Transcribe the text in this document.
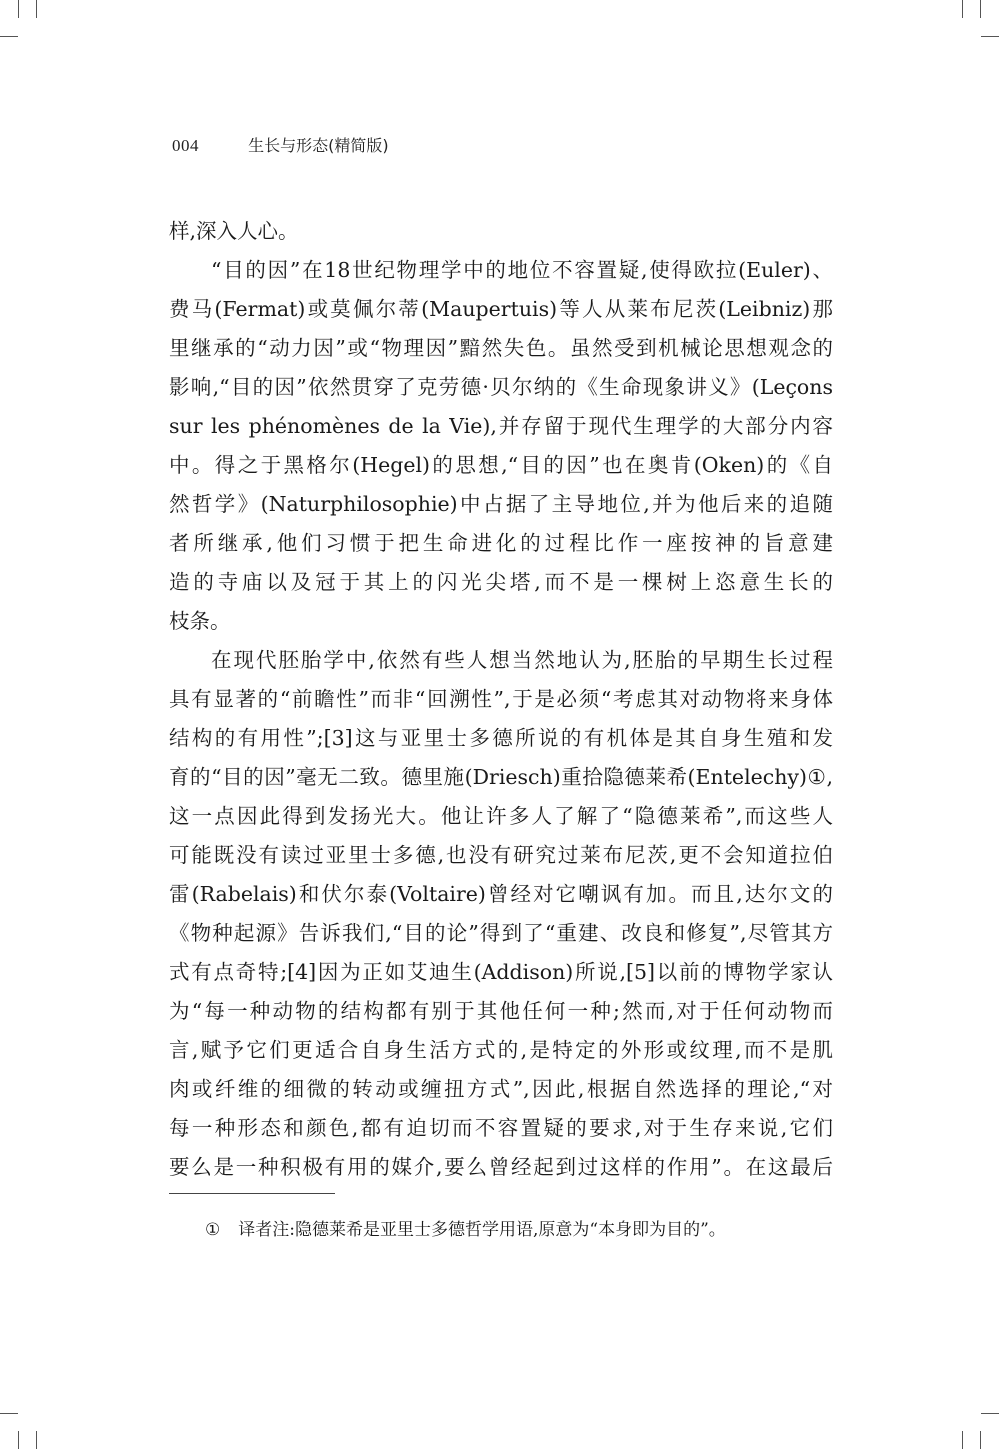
004	生长与形态(精简版)
样,深入人心。
“目的因”在18世纪物理学中的地位不容置疑,使得欧拉(Euler)、
费马(Fermat)或莫佩尔蒂(Maupertuis)等人从莱布尼茨(Leibniz)那
里继承的“动力因”或“物理因”黯然失色。虽然受到机械论思想观念的
影响,“目的因”依然贯穿了克劳德·贝尔纳的《生命现象讲义》(Leçons
sur les phénomènes de la Vie),并存留于现代生理学的大部分内容
中。得之于黑格尔(Hegel)的思想,“目的因”也在奥肯(Oken)的《自
然哲学》(Naturphilosophie)中占据了主导地位,并为他后来的追随
者所继承,他们习惯于把生命进化的过程比作一座按神的旨意建
造的寺庙以及冠于其上的闪光尖塔,而不是一棵树上恣意生长的
枝条。
在现代胚胎学中,依然有些人想当然地认为,胚胎的早期生长过程
具有显著的“前瞻性”而非“回溯性”,于是必须“考虑其对动物将来身体
结构的有用性”;[3]这与亚里士多德所说的有机体是其自身生殖和发
育的“目的因”毫无二致。德里施(Driesch)重拾隐德莱希(Entelechy)①,
这一点因此得到发扬光大。他让许多人了解了“隐德莱希”,而这些人
可能既没有读过亚里士多德,也没有研究过莱布尼茨,更不会知道拉伯
雷(Rabelais)和伏尔泰(Voltaire)曾经对它嘲讽有加。而且,达尔文的
《物种起源》告诉我们,“目的论”得到了“重建、改良和修复”,尽管其方
式有点奇特;[4]因为正如艾迪生(Addison)所说,[5]以前的博物学家认
为“每一种动物的结构都有别于其他任何一种;然而,对于任何动物而
言,赋予它们更适合自身生活方式的,是特定的外形或纹理,而不是肌
肉或纤维的细微的转动或缠扭方式”,因此,根据自然选择的理论,“对
每一种形态和颜色,都有迫切而不容置疑的要求,对于生存来说,它们
要么是一种积极有用的媒介,要么曾经起到过这样的作用”。在这最后
① 译者注:隐德莱希是亚里士多德哲学用语,原意为“本身即为目的”。
